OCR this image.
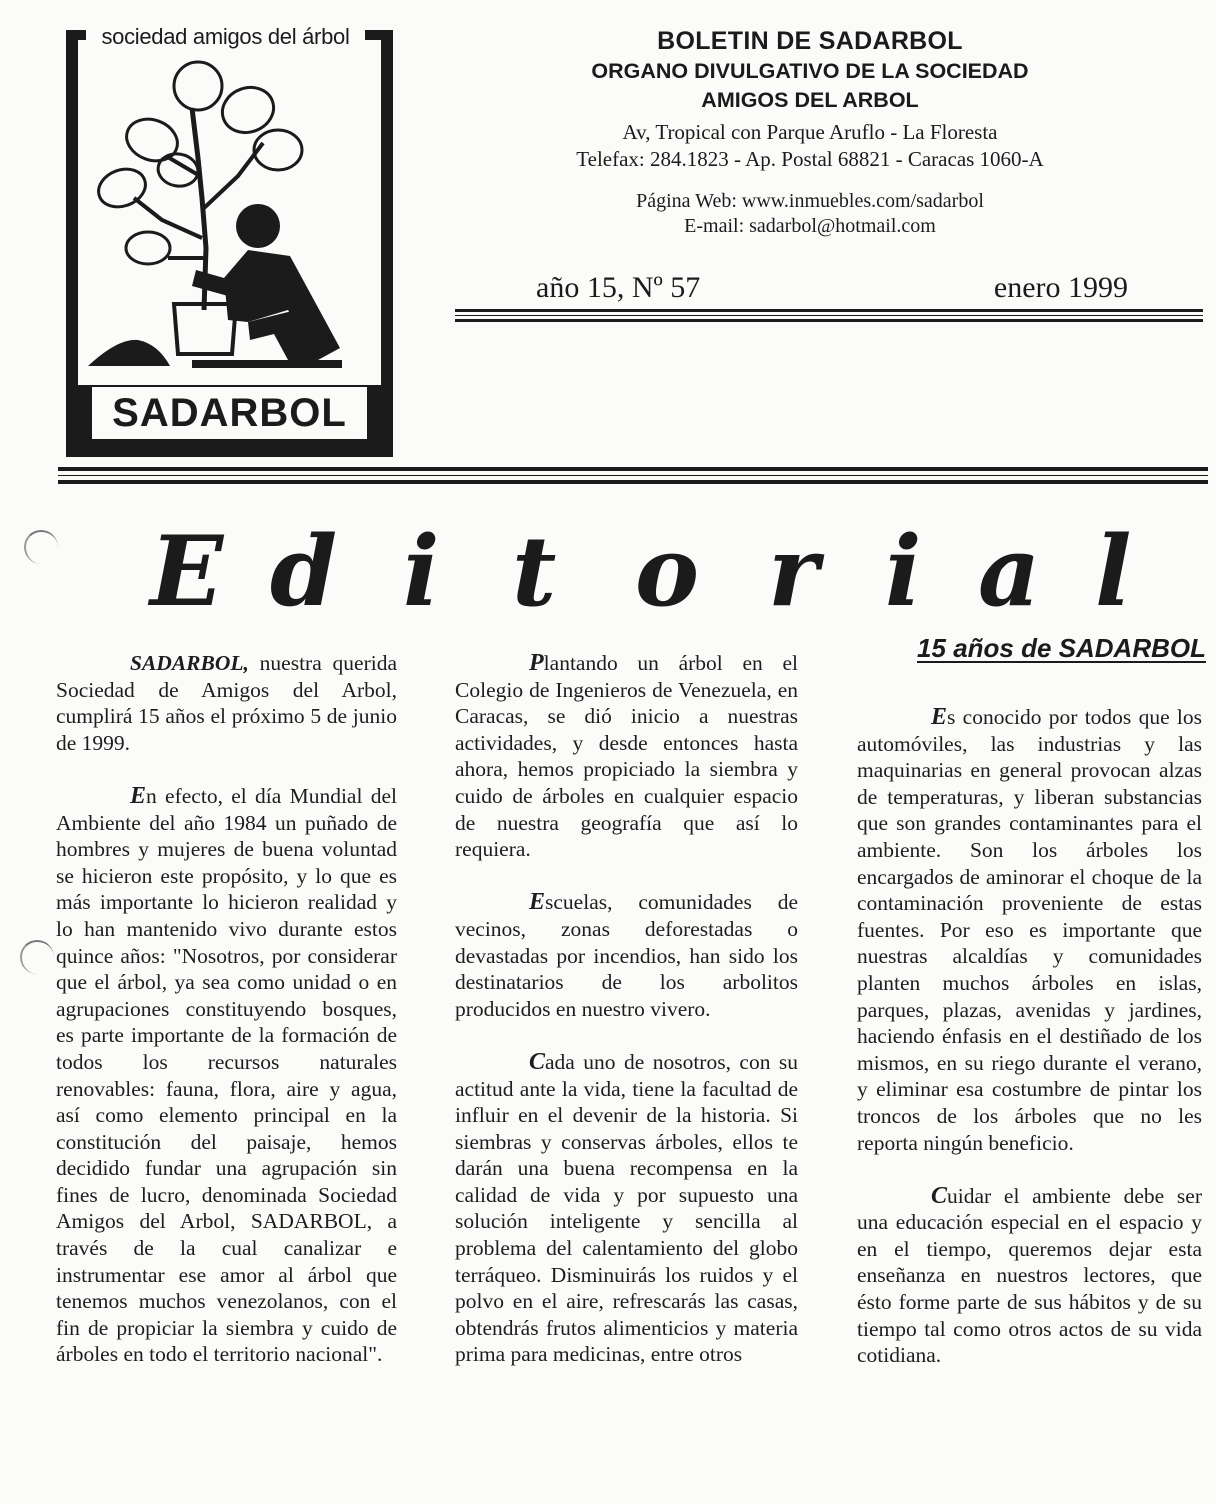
sociedad amigos del árbol
SADARBOL
BOLETIN DE SADARBOL
ORGANO DIVULGATIVO DE LA SOCIEDAD
AMIGOS DEL ARBOL
Av, Tropical con Parque Aruflo - La Floresta
Telefax: 284.1823 - Ap. Postal 68821 - Caracas 1060-A
Página Web: www.inmuebles.com/sadarbol
E-mail: sadarbol@hotmail.com
año 15, Nº 57	enero 1999
E d i t o r i a l

SADARBOL, nuestra querida Sociedad de Amigos del Arbol, cumplirá 15 años el próximo 5 de junio de 1999.

En efecto, el día Mundial del Ambiente del año 1984 un puñado de hombres y mujeres de buena voluntad se hicieron este propósito, y lo que es más importante lo hicieron realidad y lo han mantenido vivo durante estos quince años: "Nosotros, por considerar que el árbol, ya sea como unidad o en agrupaciones constituyendo bosques, es parte importante de la formación de todos los recursos naturales renovables: fauna, flora, aire y agua, así como elemento principal en la constitución del paisaje, hemos decidido fundar una agrupación sin fines de lucro, denominada Sociedad Amigos del Arbol, SADARBOL, a través de la cual canalizar e instrumentar ese amor al árbol que tenemos muchos venezolanos, con el fin de propiciar la siembra y cuido de árboles en todo el territorio nacional".

Plantando un árbol en el Colegio de Ingenieros de Venezuela, en Caracas, se dió inicio a nuestras actividades, y desde entonces hasta ahora, hemos propiciado la siembra y cuido de árboles en cualquier espacio de nuestra geografía que así lo requiera.

Escuelas, comunidades de vecinos, zonas deforestadas o devastadas por incendios, han sido los destinatarios de los arbolitos producidos en nuestro vivero.

Cada uno de nosotros, con su actitud ante la vida, tiene la facultad de influir en el devenir de la historia. Si siembras y conservas árboles, ellos te darán una buena recompensa en la calidad de vida y por supuesto una solución inteligente y sencilla al problema del calentamiento del globo terráqueo. Disminuirás los ruidos y el polvo en el aire, refrescarás las casas, obtendrás frutos alimenticios y materia prima para medicinas, entre otros

15 años de SADARBOL

Es conocido por todos que los automóviles, las industrias y las maquinarias en general provocan alzas de temperaturas, y liberan substancias que son grandes contaminantes para el ambiente. Son los árboles los encargados de aminorar el choque de la contaminación proveniente de estas fuentes. Por eso es importante que nuestras alcaldías y comunidades planten muchos árboles en islas, parques, plazas, avenidas y jardines, haciendo énfasis en el destiñado de los mismos, en su riego durante el verano, y eliminar esa costumbre de pintar los troncos de los árboles que no les reporta ningún beneficio.

Cuidar el ambiente debe ser una educación especial en el espacio y en el tiempo, queremos dejar esta enseñanza en nuestros lectores, que ésto forme parte de sus hábitos y de su tiempo tal como otros actos de su vida cotidiana.
